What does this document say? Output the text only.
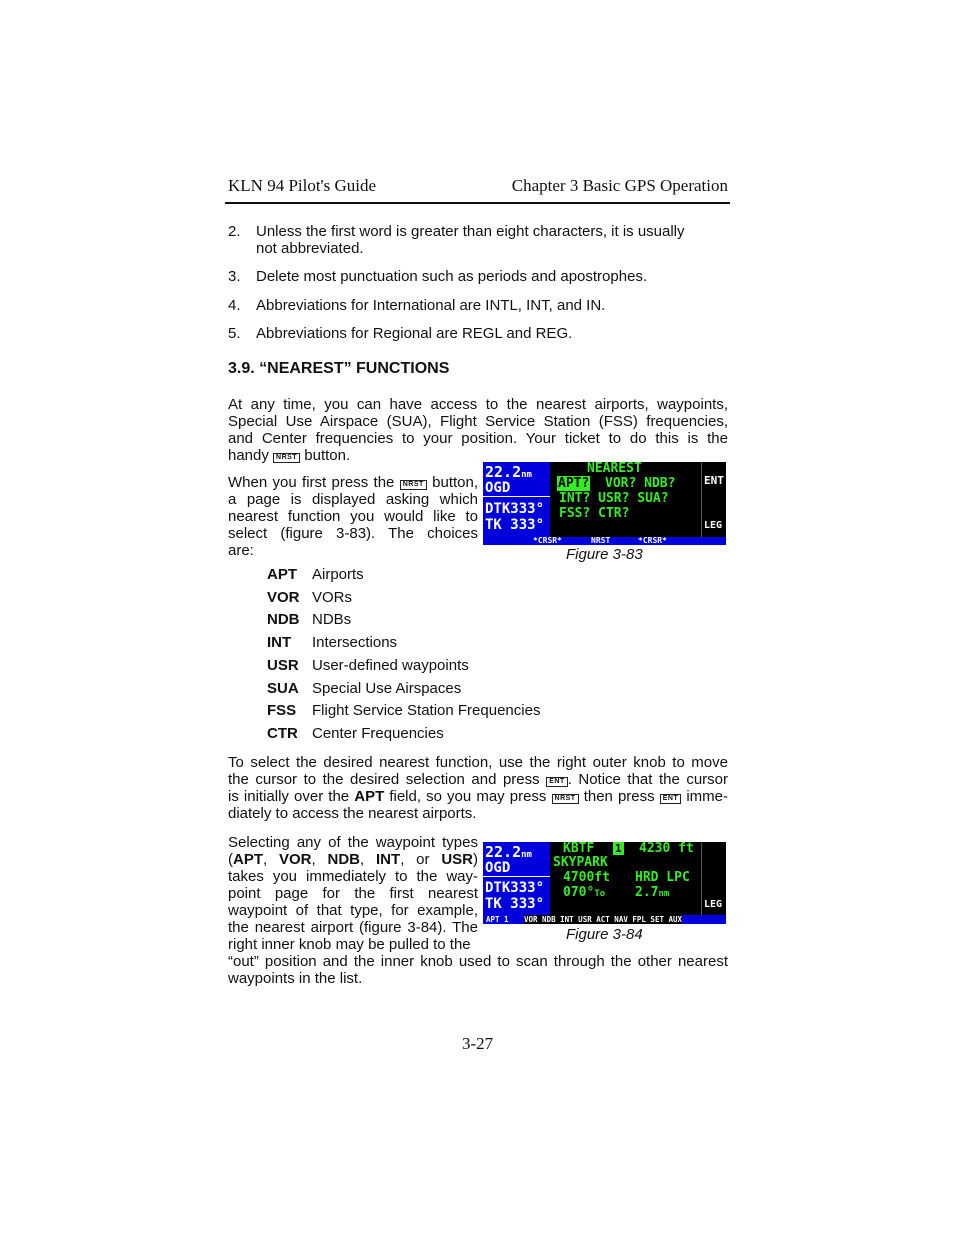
KLN 94 Pilot's Guide	Chapter 3 Basic GPS Operation
2. Unless the first word is greater than eight characters, it is usually
not abbreviated.
3. Delete most punctuation such as periods and apostrophes.
4. Abbreviations for International are INTL, INT, and IN.
5. Abbreviations for Regional are REGL and REG.
3.9. “NEAREST” FUNCTIONS
At any time, you can have access to the nearest airports, waypoints,
Special Use Airspace (SUA), Flight Service Station (FSS) frequencies,
and Center frequencies to your position. Your ticket to do this is the
handy NRST button.
When you first press the NRST button,
a page is displayed asking which
nearest function you would like to
select (figure 3-83). The choices
are:
22.2nm
OGD
DTK333°
TK 333°
NEAREST
APT? VOR? NDB?
INT? USR? SUA?
FSS? CTR?
ENT
LEG
*CRSR*	NRST	*CRSR*
Figure 3-83
APT Airports
VOR VORs
NDB NDBs
INT Intersections
USR User-defined waypoints
SUA Special Use Airspaces
FSS Flight Service Station Frequencies
CTR Center Frequencies
To select the desired nearest function, use the right outer knob to move
the cursor to the desired selection and press ENT . Notice that the cursor
is initially over the APT field, so you may press NRST then press ENT imme-
diately to access the nearest airports.
Selecting any of the waypoint types
(APT, VOR, NDB, INT, or USR)
takes you immediately to the way-
point page for the first nearest
waypoint of that type, for example,
the nearest airport (figure 3-84). The
right inner knob may be pulled to the
“out” position and the inner knob used to scan through the other nearest
waypoints in the list.
22.2nm
OGD
DTK333°
TK 333°
KBTF 1 4230 ft
SKYPARK
4700ft HRD LPC
070°To 2.7nm
LEG
APT 1 VOR NDB INT USR ACT NAV FPL SET AUX
Figure 3-84
3-27
